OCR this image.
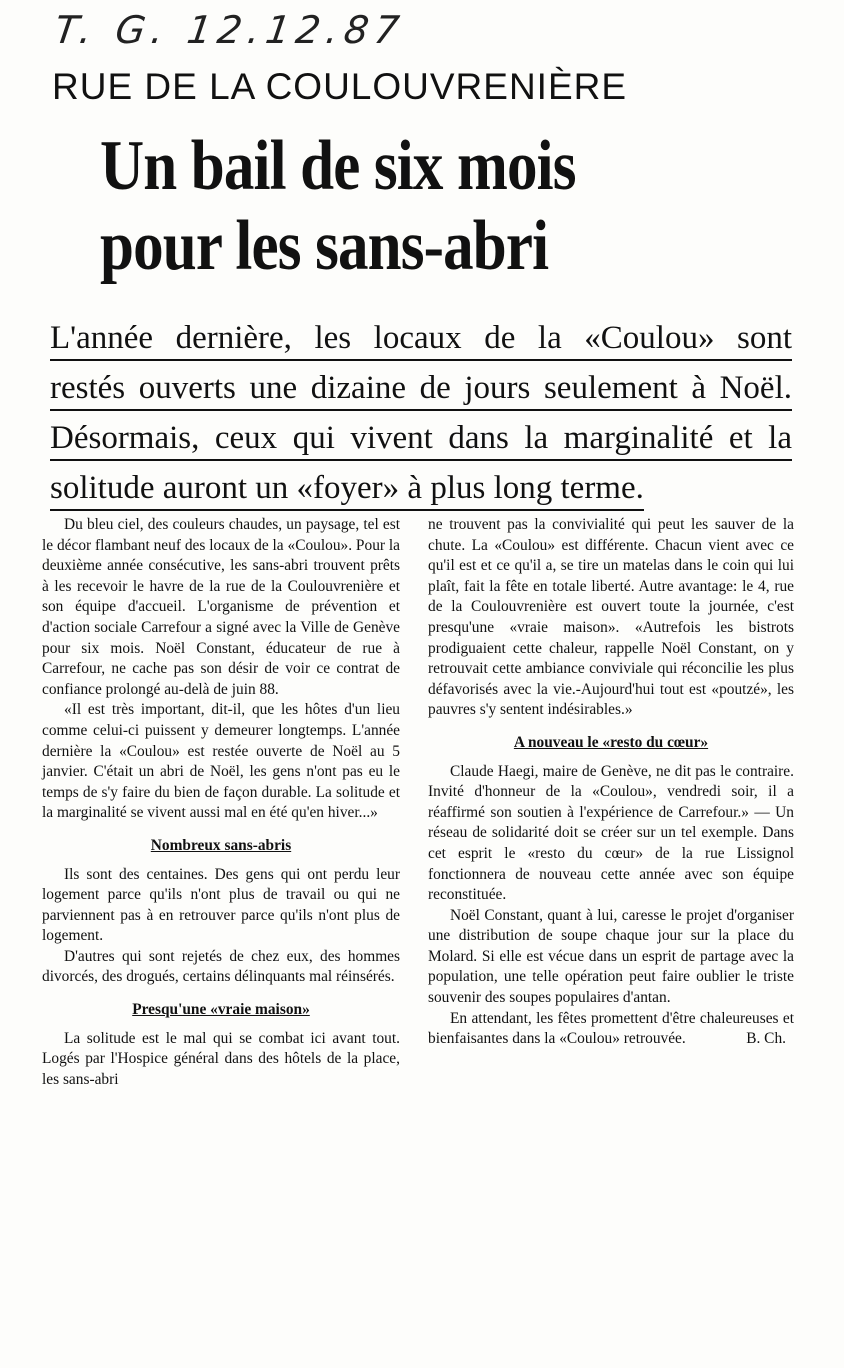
T. G. 12.12.87
RUE DE LA COULOUVRENIÈRE
Un bail de six mois
pour les sans-abri
L'année dernière, les locaux de la «Coulou» sont
restés ouverts une dizaine de jours seulement à Noël.
Désormais, ceux qui vivent dans la marginalité et la
solitude auront un «foyer» à plus long terme.

Du bleu ciel, des couleurs chaudes, un paysage, tel est le décor flambant neuf des locaux de la «Coulou». Pour la deuxième année consécutive, les sans-abri trouvent prêts à les recevoir le havre de la rue de la Coulouvrenière et son équipe d'accueil. L'organisme de prévention et d'action sociale Carrefour a signé avec la Ville de Genève pour six mois. Noël Constant, éducateur de rue à Carrefour, ne cache pas son désir de voir ce contrat de confiance prolongé au-delà de juin 88.

«Il est très important, dit-il, que les hôtes d'un lieu comme celui-ci puissent y demeurer longtemps. L'année dernière la «Coulou» est restée ouverte de Noël au 5 janvier. C'était un abri de Noël, les gens n'ont pas eu le temps de s'y faire du bien de façon durable. La solitude et la marginalité se vivent aussi mal en été qu'en hiver...»

Nombreux sans-abris

Ils sont des centaines. Des gens qui ont perdu leur logement parce qu'ils n'ont plus de travail ou qui ne parviennent pas à en retrouver parce qu'ils n'ont plus de logement.

D'autres qui sont rejetés de chez eux, des hommes divorcés, des drogués, certains délinquants mal réinsérés.

Presqu'une «vraie maison»

La solitude est le mal qui se combat ici avant tout. Logés par l'Hospice général dans des hôtels de la place, les sans-abri

ne trouvent pas la convivialité qui peut les sauver de la chute. La «Coulou» est différente. Chacun vient avec ce qu'il est et ce qu'il a, se tire un matelas dans le coin qui lui plaît, fait la fête en totale liberté. Autre avantage: le 4, rue de la Coulouvrenière est ouvert toute la journée, c'est presqu'une «vraie maison». «Autrefois les bistrots prodiguaient cette chaleur, rappelle Noël Constant, on y retrouvait cette ambiance conviviale qui réconcilie les plus défavorisés avec la vie.-Aujourd'hui tout est «poutzé», les pauvres s'y sentent indésirables.»

A nouveau le «resto du cœur»

Claude Haegi, maire de Genève, ne dit pas le contraire. Invité d'honneur de la «Coulou», vendredi soir, il a réaffirmé son soutien à l'expérience de Carrefour.» — Un réseau de solidarité doit se créer sur un tel exemple. Dans cet esprit le «resto du cœur» de la rue Lissignol fonctionnera de nouveau cette année avec son équipe reconstituée.

Noël Constant, quant à lui, caresse le projet d'organiser une distribution de soupe chaque jour sur la place du Molard. Si elle est vécue dans un esprit de partage avec la population, une telle opération peut faire oublier le triste souvenir des soupes populaires d'antan.

En attendant, les fêtes promettent d'être chaleureuses et bienfaisantes dans la «Coulou» retrouvée.	B. Ch.
